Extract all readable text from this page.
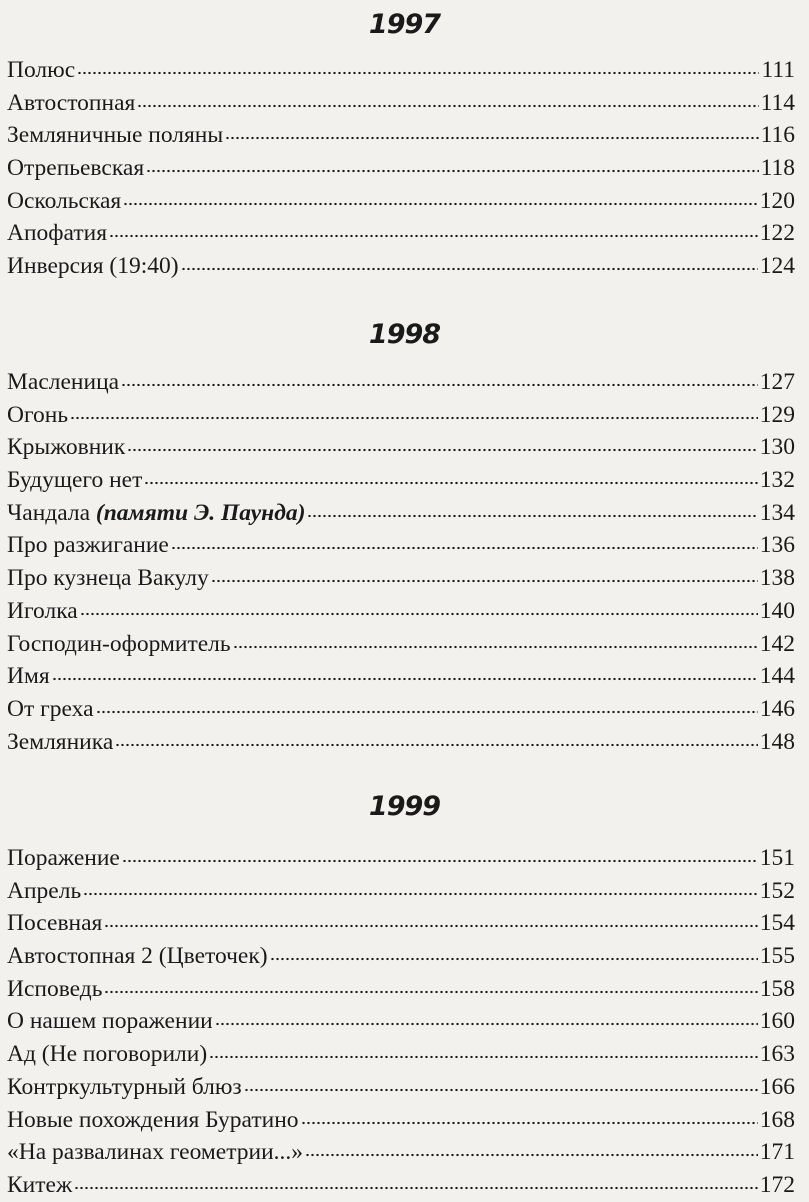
1997
Полюс	111
Автостопная	114
Земляничные поляны	116
Отрепьевская	118
Оскольская	120
Апофатия	122
Инверсия (19:40)	124
1998
Масленица	127
Огонь	129
Крыжовник	130
Будущего нет	132
Чандала (памяти Э. Паунда)	134
Про разжигание	136
Про кузнеца Вакулу	138
Иголка	140
Господин-оформитель	142
Имя	144
От греха	146
Земляника	148
1999
Поражение	151
Апрель	152
Посевная	154
Автостопная 2 (Цветочек)	155
Исповедь	158
О нашем поражении	160
Ад (Не поговорили)	163
Контркультурный блюз	166
Новые похождения Буратино	168
«На развалинах геометрии...»	171
Китеж	172
